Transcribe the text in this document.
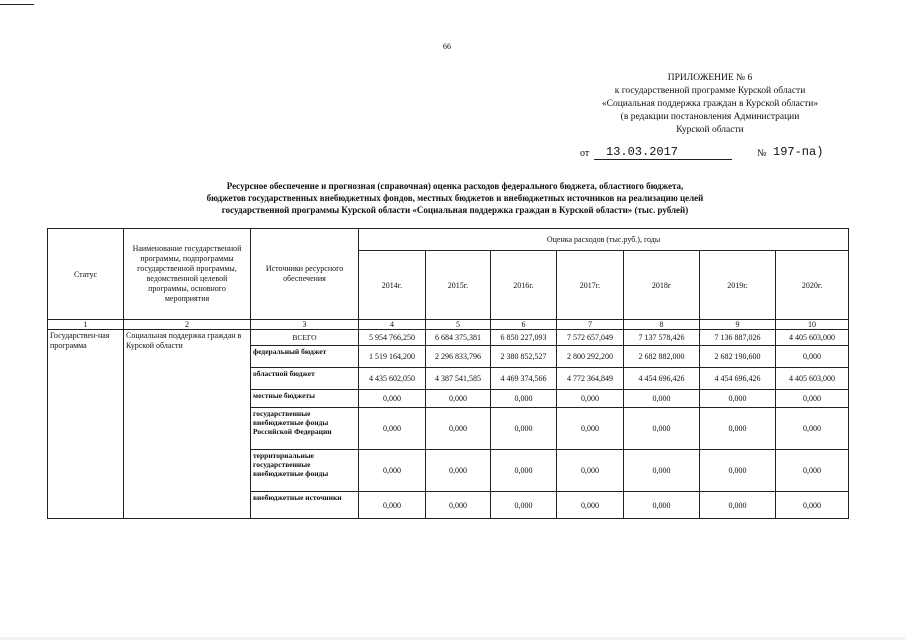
66
ПРИЛОЖЕНИЕ № 6
к государственной программе Курской области
«Социальная поддержка граждан в Курской области»
(в редакции постановления Администрации
Курской области
от	13.03.2017	№ 197-па)
Ресурсное обеспечение и прогнозная (справочная) оценка расходов федерального бюджета, областного бюджета,
бюджетов государственных внебюджетных фондов, местных бюджетов и внебюджетных источников на реализацию целей
государственной программы Курской области «Социальная поддержка граждан в Курской области» (тыс. рублей)
Статус	Наименование государственной программы, подпрограммы государственной программы, ведомственной целевой программы, основного мероприятия	Источники ресурсного обеспечения	Оценка расходов (тыс.руб.), годы						
			2014г.	2015г.	2016г.	2017г.	2018г	2019г.	2020г.
1	2	3	4	5	6	7	8	9	10
Государствен-ная программа	Социальная поддержка граждан в Курской области	ВСЕГО	5 954 766,250	6 684 375,381	6 850 227,093	7 572 657,049	7 137 578,426	7 136 887,026	4 405 603,000
		федеральный бюджет	1 519 164,200	2 296 833,796	2 380 852,527	2 800 292,200	2 682 882,000	2 682 190,600	0,000
		областной бюджет	4 435 602,050	4 387 541,585	4 469 374,566	4 772 364,849	4 454 696,426	4 454 696,426	4 405 603,000
		местные бюджеты	0,000	0,000	0,000	0,000	0,000	0,000	0,000
		государственные внебюджетные фонды Российской Федерации	0,000	0,000	0,000	0,000	0,000	0,000	0,000
		территориальные государственные внебюджетные фонды	0,000	0,000	0,000	0,000	0,000	0,000	0,000
		внебюджетные источники	0,000	0,000	0,000	0,000	0,000	0,000	0,000
